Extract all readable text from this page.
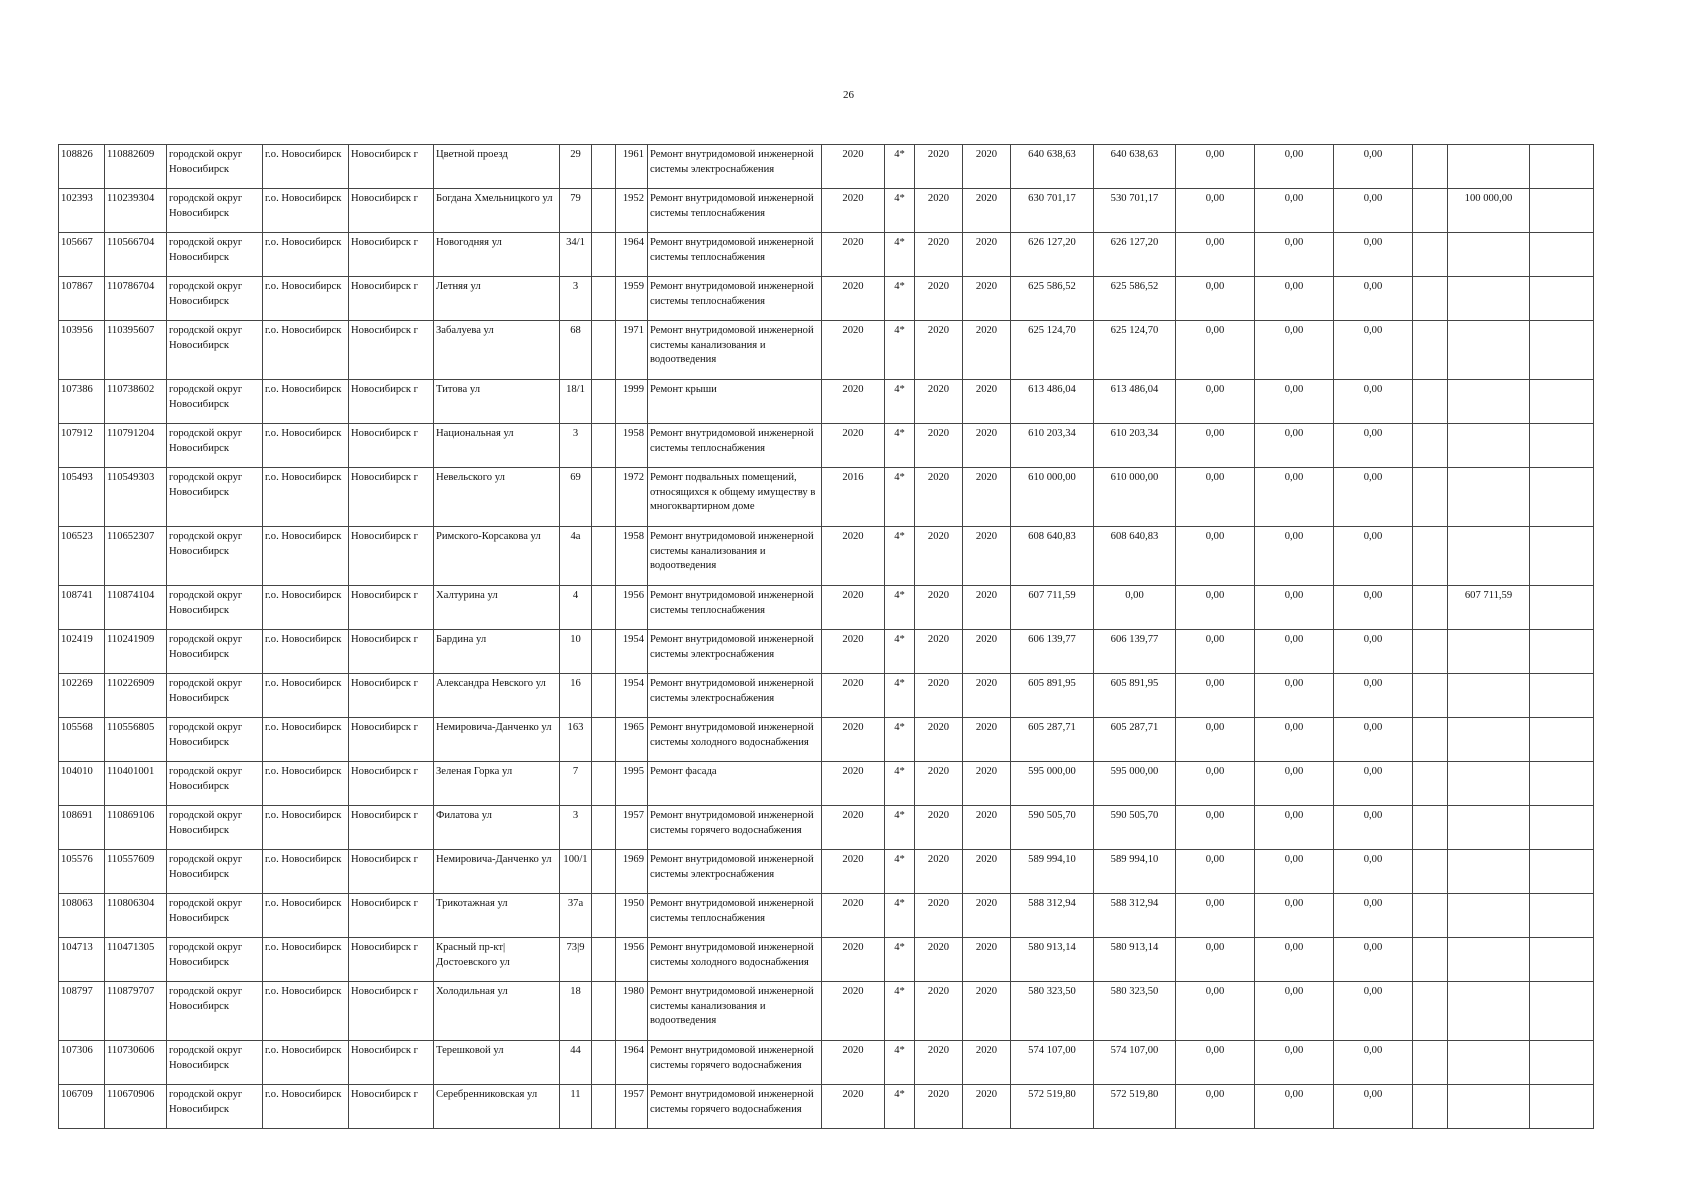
26
108826	110882609	городской округ Новосибирск	г.о. Новосибирск	Новосибирск г	Цветной проезд	29		1961	Ремонт внутридомовой инженерной системы электроснабжения	2020	4*	2020	2020	640 638,63	640 638,63	0,00	0,00	0,00			
102393	110239304	городской округ Новосибирск	г.о. Новосибирск	Новосибирск г	Богдана Хмельницкого ул	79		1952	Ремонт внутридомовой инженерной системы теплоснабжения	2020	4*	2020	2020	630 701,17	530 701,17	0,00	0,00	0,00		100 000,00	
105667	110566704	городской округ Новосибирск	г.о. Новосибирск	Новосибирск г	Новогодняя ул	34/1		1964	Ремонт внутридомовой инженерной системы теплоснабжения	2020	4*	2020	2020	626 127,20	626 127,20	0,00	0,00	0,00			
107867	110786704	городской округ Новосибирск	г.о. Новосибирск	Новосибирск г	Летняя ул	3		1959	Ремонт внутридомовой инженерной системы теплоснабжения	2020	4*	2020	2020	625 586,52	625 586,52	0,00	0,00	0,00			
103956	110395607	городской округ Новосибирск	г.о. Новосибирск	Новосибирск г	Забалуева ул	68		1971	Ремонт внутридомовой инженерной системы канализования и водоотведения	2020	4*	2020	2020	625 124,70	625 124,70	0,00	0,00	0,00			
107386	110738602	городской округ Новосибирск	г.о. Новосибирск	Новосибирск г	Титова ул	18/1		1999	Ремонт крыши	2020	4*	2020	2020	613 486,04	613 486,04	0,00	0,00	0,00			
107912	110791204	городской округ Новосибирск	г.о. Новосибирск	Новосибирск г	Национальная ул	3		1958	Ремонт внутридомовой инженерной системы теплоснабжения	2020	4*	2020	2020	610 203,34	610 203,34	0,00	0,00	0,00			
105493	110549303	городской округ Новосибирск	г.о. Новосибирск	Новосибирск г	Невельского ул	69		1972	Ремонт подвальных помещений, относящихся к общему имуществу в многоквартирном доме	2016	4*	2020	2020	610 000,00	610 000,00	0,00	0,00	0,00			
106523	110652307	городской округ Новосибирск	г.о. Новосибирск	Новосибирск г	Римского-Корсакова ул	4а		1958	Ремонт внутридомовой инженерной системы канализования и водоотведения	2020	4*	2020	2020	608 640,83	608 640,83	0,00	0,00	0,00			
108741	110874104	городской округ Новосибирск	г.о. Новосибирск	Новосибирск г	Халтурина ул	4		1956	Ремонт внутридомовой инженерной системы теплоснабжения	2020	4*	2020	2020	607 711,59	0,00	0,00	0,00	0,00		607 711,59	
102419	110241909	городской округ Новосибирск	г.о. Новосибирск	Новосибирск г	Бардина ул	10		1954	Ремонт внутридомовой инженерной системы электроснабжения	2020	4*	2020	2020	606 139,77	606 139,77	0,00	0,00	0,00			
102269	110226909	городской округ Новосибирск	г.о. Новосибирск	Новосибирск г	Александра Невского ул	16		1954	Ремонт внутридомовой инженерной системы электроснабжения	2020	4*	2020	2020	605 891,95	605 891,95	0,00	0,00	0,00			
105568	110556805	городской округ Новосибирск	г.о. Новосибирск	Новосибирск г	Немировича-Данченко ул	163		1965	Ремонт внутридомовой инженерной системы холодного водоснабжения	2020	4*	2020	2020	605 287,71	605 287,71	0,00	0,00	0,00			
104010	110401001	городской округ Новосибирск	г.о. Новосибирск	Новосибирск г	Зеленая Горка ул	7		1995	Ремонт фасада	2020	4*	2020	2020	595 000,00	595 000,00	0,00	0,00	0,00			
108691	110869106	городской округ Новосибирск	г.о. Новосибирск	Новосибирск г	Филатова ул	3		1957	Ремонт внутридомовой инженерной системы горячего водоснабжения	2020	4*	2020	2020	590 505,70	590 505,70	0,00	0,00	0,00			
105576	110557609	городской округ Новосибирск	г.о. Новосибирск	Новосибирск г	Немировича-Данченко ул	100/1		1969	Ремонт внутридомовой инженерной системы электроснабжения	2020	4*	2020	2020	589 994,10	589 994,10	0,00	0,00	0,00			
108063	110806304	городской округ Новосибирск	г.о. Новосибирск	Новосибирск г	Трикотажная ул	37а		1950	Ремонт внутридомовой инженерной системы теплоснабжения	2020	4*	2020	2020	588 312,94	588 312,94	0,00	0,00	0,00			
104713	110471305	городской округ Новосибирск	г.о. Новосибирск	Новосибирск г	Красный пр-кт|Достоевского ул	73|9		1956	Ремонт внутридомовой инженерной системы холодного водоснабжения	2020	4*	2020	2020	580 913,14	580 913,14	0,00	0,00	0,00			
108797	110879707	городской округ Новосибирск	г.о. Новосибирск	Новосибирск г	Холодильная ул	18		1980	Ремонт внутридомовой инженерной системы канализования и водоотведения	2020	4*	2020	2020	580 323,50	580 323,50	0,00	0,00	0,00			
107306	110730606	городской округ Новосибирск	г.о. Новосибирск	Новосибирск г	Терешковой ул	44		1964	Ремонт внутридомовой инженерной системы горячего водоснабжения	2020	4*	2020	2020	574 107,00	574 107,00	0,00	0,00	0,00			
106709	110670906	городской округ Новосибирск	г.о. Новосибирск	Новосибирск г	Серебренниковская ул	11		1957	Ремонт внутридомовой инженерной системы горячего водоснабжения	2020	4*	2020	2020	572 519,80	572 519,80	0,00	0,00	0,00			
